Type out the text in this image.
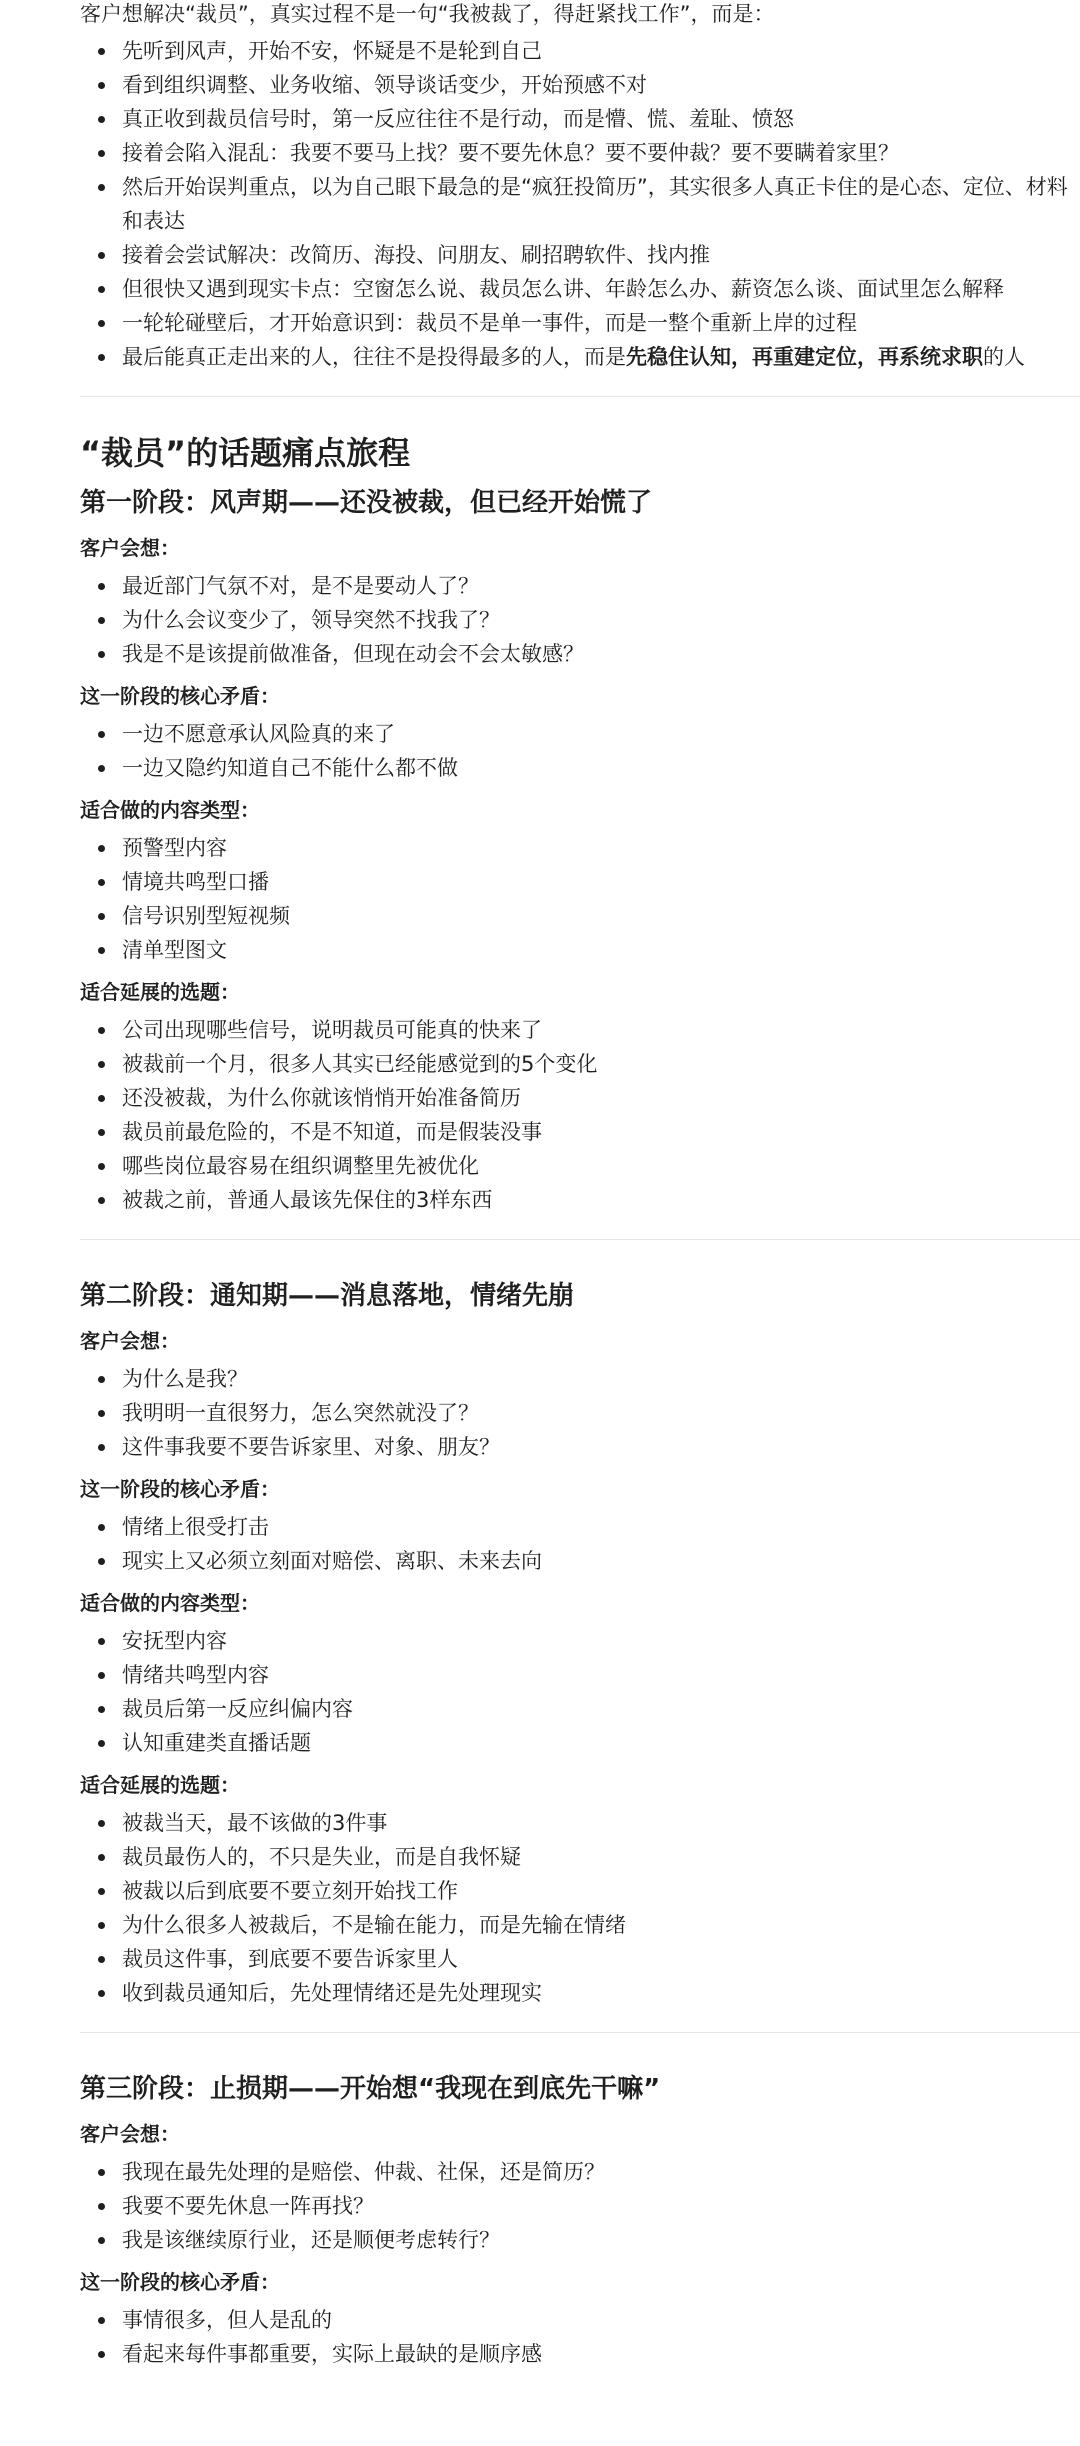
客户想解决“裁员”，真实过程不是一句“我被裁了，得赶紧找工作”，而是：

先听到风声，开始不安，怀疑是不是轮到自己
看到组织调整、业务收缩、领导谈话变少，开始预感不对
真正收到裁员信号时，第一反应往往不是行动，而是懵、慌、羞耻、愤怒
接着会陷入混乱：我要不要马上找？要不要先休息？要不要仲裁？要不要瞒着家里？
然后开始误判重点，以为自己眼下最急的是“疯狂投简历”，其实很多人真正卡住的是心态、定位、材料和表达
接着会尝试解决：改简历、海投、问朋友、刷招聘软件、找内推
但很快又遇到现实卡点：空窗怎么说、裁员怎么讲、年龄怎么办、薪资怎么谈、面试里怎么解释
一轮轮碰壁后，才开始意识到：裁员不是单一事件，而是一整个重新上岸的过程
最后能真正走出来的人，往往不是投得最多的人，而是先稳住认知，再重建定位，再系统求职的人
“裁员”的话题痛点旅程
第一阶段：风声期——还没被裁，但已经开始慌了
客户会想：
最近部门气氛不对，是不是要动人了？
为什么会议变少了，领导突然不找我了？
我是不是该提前做准备，但现在动会不会太敏感？
这一阶段的核心矛盾：
一边不愿意承认风险真的来了
一边又隐约知道自己不能什么都不做
适合做的内容类型：
预警型内容
情境共鸣型口播
信号识别型短视频
清单型图文
适合延展的选题：
公司出现哪些信号，说明裁员可能真的快来了
被裁前一个月，很多人其实已经能感觉到的5个变化
还没被裁，为什么你就该悄悄开始准备简历
裁员前最危险的，不是不知道，而是假装没事
哪些岗位最容易在组织调整里先被优化
被裁之前，普通人最该先保住的3样东西
第二阶段：通知期——消息落地，情绪先崩
客户会想：
为什么是我？
我明明一直很努力，怎么突然就没了？
这件事我要不要告诉家里、对象、朋友？
这一阶段的核心矛盾：
情绪上很受打击
现实上又必须立刻面对赔偿、离职、未来去向
适合做的内容类型：
安抚型内容
情绪共鸣型内容
裁员后第一反应纠偏内容
认知重建类直播话题
适合延展的选题：
被裁当天，最不该做的3件事
裁员最伤人的，不只是失业，而是自我怀疑
被裁以后到底要不要立刻开始找工作
为什么很多人被裁后，不是输在能力，而是先输在情绪
裁员这件事，到底要不要告诉家里人
收到裁员通知后，先处理情绪还是先处理现实
第三阶段：止损期——开始想“我现在到底先干嘛”
客户会想：
我现在最先处理的是赔偿、仲裁、社保，还是简历？
我要不要先休息一阵再找？
我是该继续原行业，还是顺便考虑转行？
这一阶段的核心矛盾：
事情很多，但人是乱的
看起来每件事都重要，实际上最缺的是顺序感
